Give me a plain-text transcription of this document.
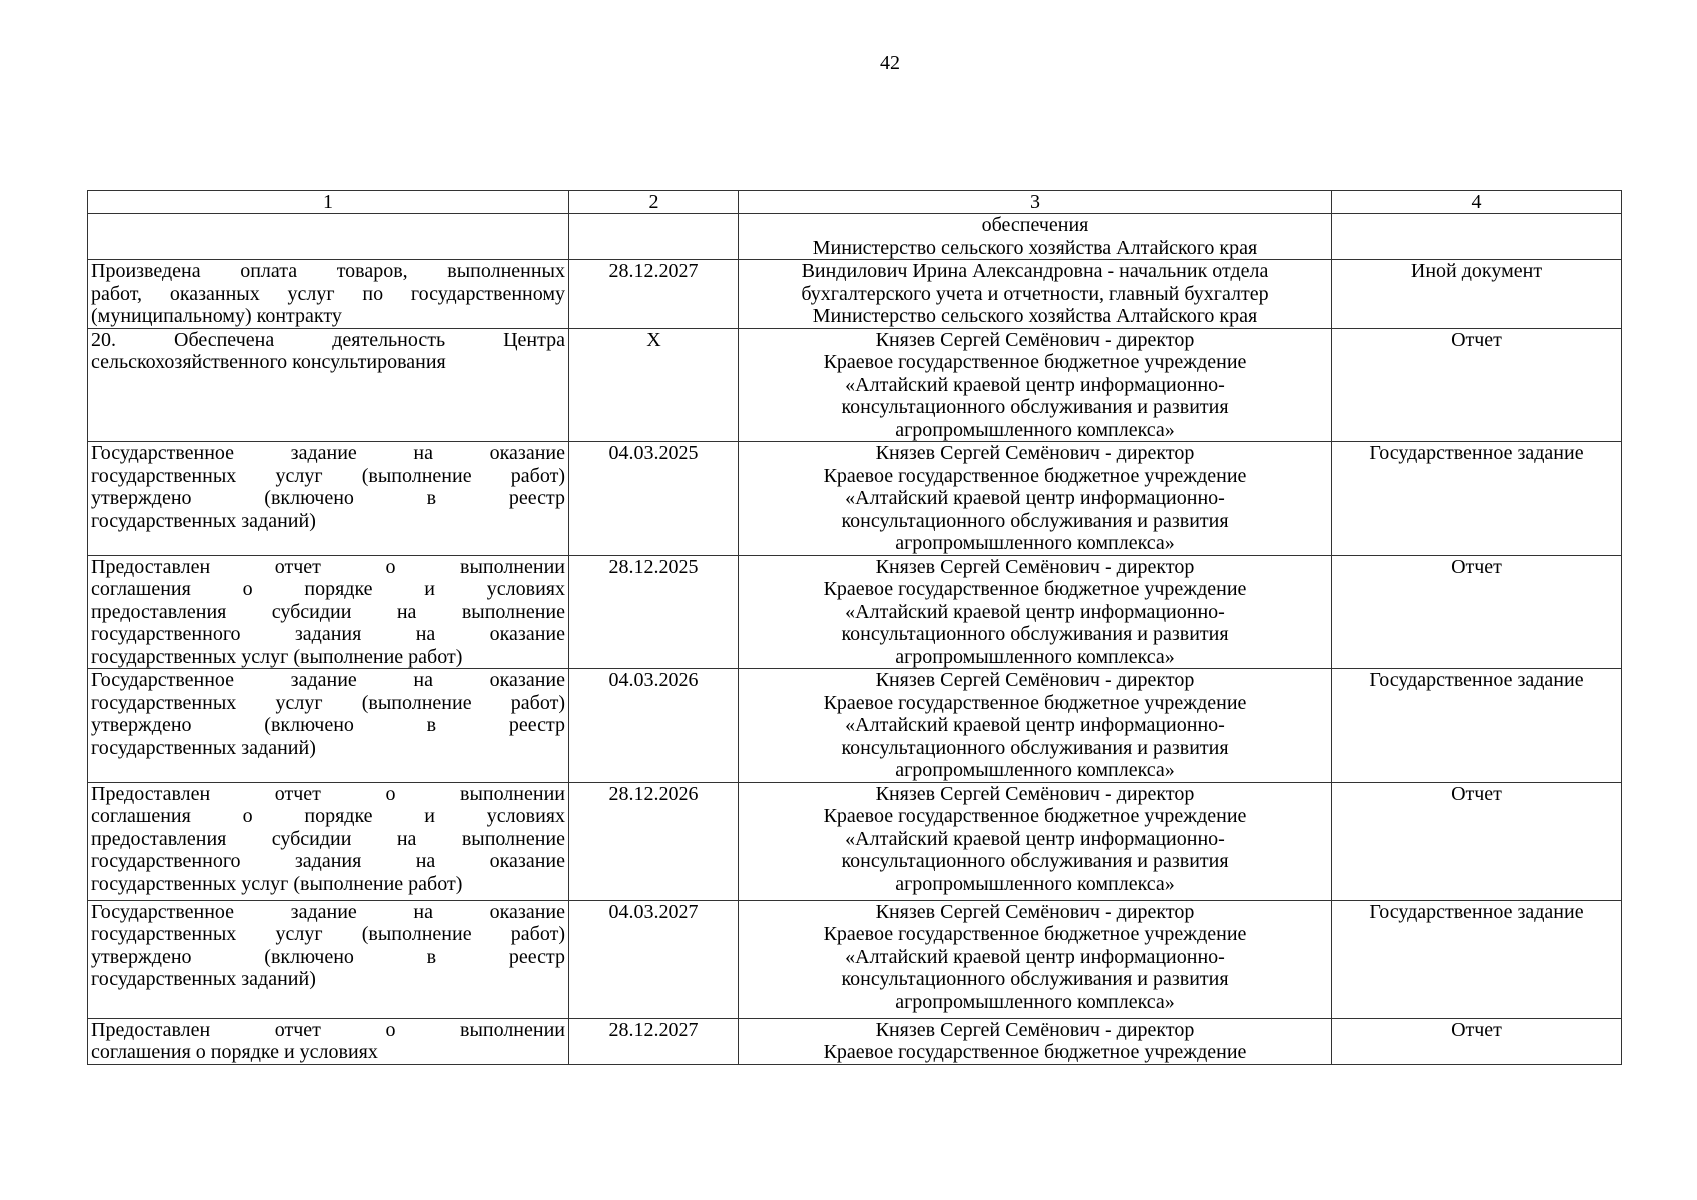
42
1	2	3	4

		обеспечения
Министерство сельского хозяйства Алтайского края	

Произведена оплата товаров, выполненных
работ, оказанных услуг по государственному
(муниципальному) контракту	28.12.2027	Виндилович Ирина Александровна - начальник отдела
бухгалтерского учета и отчетности, главный бухгалтер
Министерство сельского хозяйства Алтайского края	Иной документ

20. Обеспечена деятельность Центра
сельскохозяйственного консультирования	Х	Князев Сергей Семёнович - директор
Краевое государственное бюджетное учреждение
«Алтайский краевой центр информационно-
консультационного обслуживания и развития
агропромышленного комплекса»	Отчет

Государственное задание на оказание
государственных услуг (выполнение работ)
утверждено (включено в реестр
государственных заданий)	04.03.2025	Князев Сергей Семёнович - директор
Краевое государственное бюджетное учреждение
«Алтайский краевой центр информационно-
консультационного обслуживания и развития
агропромышленного комплекса»	Государственное задание

Предоставлен отчет о выполнении
соглашения о порядке и условиях
предоставления субсидии на выполнение
государственного задания на оказание
государственных услуг (выполнение работ)	28.12.2025	Князев Сергей Семёнович - директор
Краевое государственное бюджетное учреждение
«Алтайский краевой центр информационно-
консультационного обслуживания и развития
агропромышленного комплекса»	Отчет

Государственное задание на оказание
государственных услуг (выполнение работ)
утверждено (включено в реестр
государственных заданий)	04.03.2026	Князев Сергей Семёнович - директор
Краевое государственное бюджетное учреждение
«Алтайский краевой центр информационно-
консультационного обслуживания и развития
агропромышленного комплекса»	Государственное задание

Предоставлен отчет о выполнении
соглашения о порядке и условиях
предоставления субсидии на выполнение
государственного задания на оказание
государственных услуг (выполнение работ)	28.12.2026	Князев Сергей Семёнович - директор
Краевое государственное бюджетное учреждение
«Алтайский краевой центр информационно-
консультационного обслуживания и развития
агропромышленного комплекса»	Отчет

Государственное задание на оказание
государственных услуг (выполнение работ)
утверждено (включено в реестр
государственных заданий)	04.03.2027	Князев Сергей Семёнович - директор
Краевое государственное бюджетное учреждение
«Алтайский краевой центр информационно-
консультационного обслуживания и развития
агропромышленного комплекса»	Государственное задание

Предоставлен отчет о выполнении
соглашения о порядке и условиях	28.12.2027	Князев Сергей Семёнович - директор
Краевое государственное бюджетное учреждение	Отчет
